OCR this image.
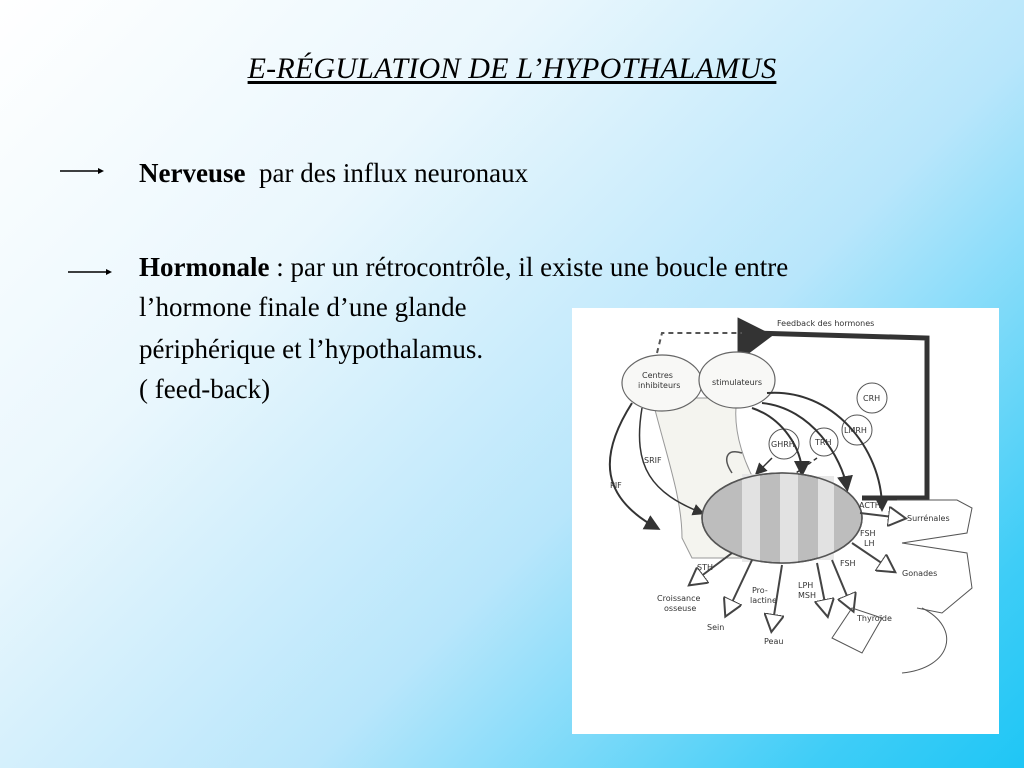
E-RÉGULATION DE L’HYPOTHALAMUS
Nerveuse  par des influx neuronaux
Hormonale : par un rétrocontrôle, il existe une boucle entre
l’hormone finale d’une glande
périphérique et l’hypothalamus.
( feed-back)
Feedback des hormones
Centres
inhibiteurs	stimulateurs
CRH
LMRH
GHRH	TRH
SRIF
PIF
ACTH
Surrénales
FSH
LH
Gonades
FSH
Thyroïde
LPH
MSH
Peau
Pro-
lactine
Sein
STH
Croissance
osseuse
